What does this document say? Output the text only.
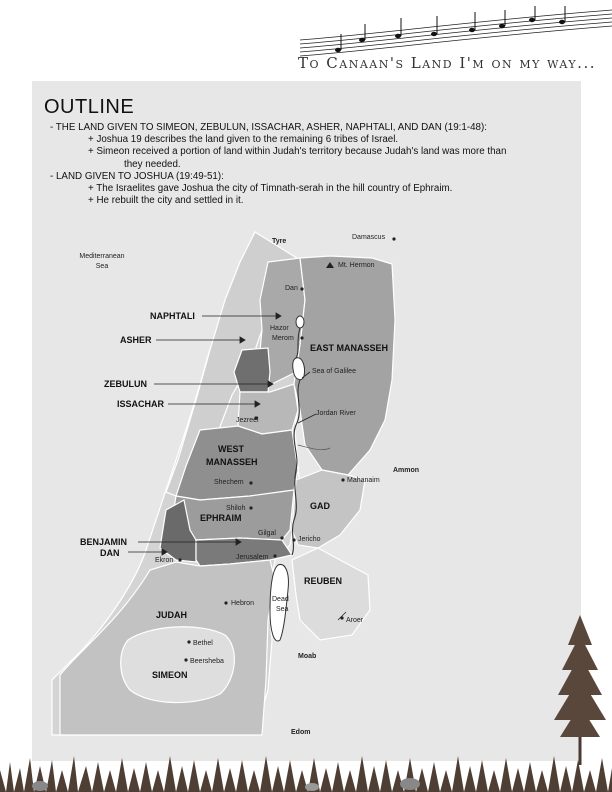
To Canaan's Land I'm on my way...
OUTLINE
- THE LAND GIVEN TO SIMEON, ZEBULUN, ISSACHAR, ASHER, NAPHTALI, AND DAN (19:1-48):
+ Joshua 19 describes the land given to the remaining 6 tribes of Israel.
+ Simeon received a portion of land within Judah's territory because Judah's land was more than
they needed.
- LAND GIVEN TO JOSHUA (19:49-51):
+ The Israelites gave Joshua the city of Timnath-serah in the hill country of Ephraim.
+ He rebuilt the city and settled in it.
Mediterranean
Sea
Tyre
Damascus
Mt. Hermon
Ammon
Moab
Edom
Sea of Galilee
Jordan River
Dead
Sea
NAPHTALI
ASHER
ZEBULUN
ISSACHAR
WEST
MANASSEH
EAST MANASSEH
GAD
EPHRAIM
BENJAMIN
DAN
REUBEN
JUDAH
SIMEON
Dan
Hazor
Merom
Jezreel
Shechem	Mahanaim
Shiloh
Gilgal
Jericho
Ekron	Jerusalem
Hebron
Aroer
Bethel
Beersheba
